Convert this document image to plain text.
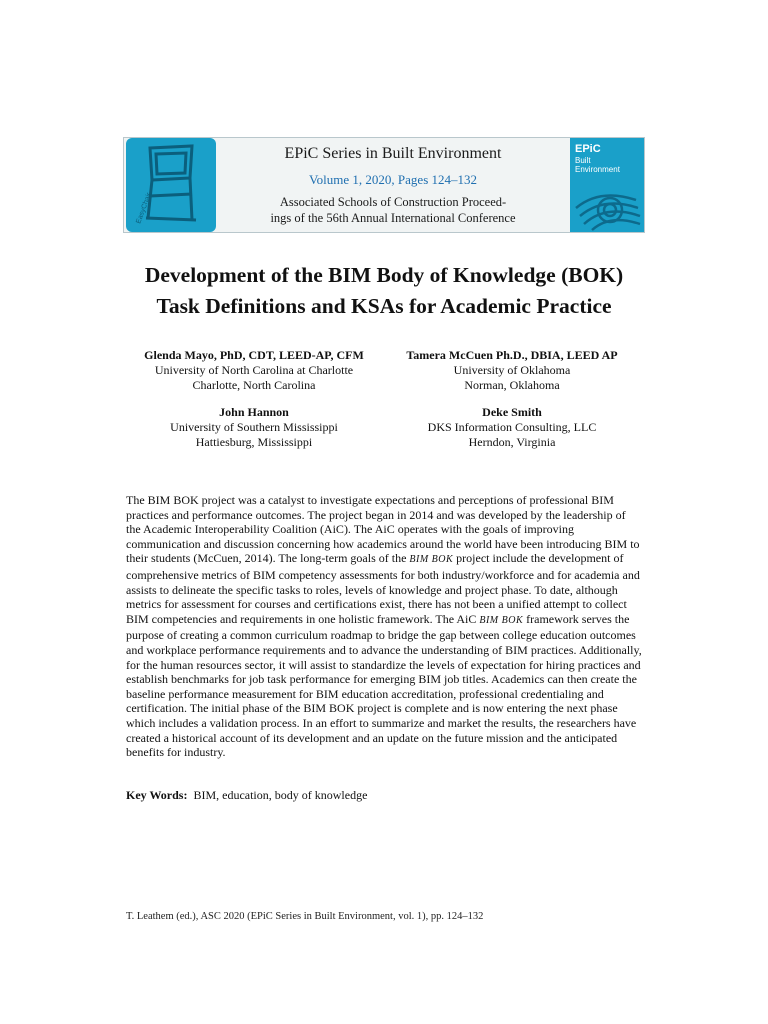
EasyChair
EPiC Series in Built Environment
Volume 1, 2020, Pages 124–132
Associated Schools of Construction Proceed-
ings of the 56th Annual International Conference
EPiC
Built
Environment
Development of the BIM Body of Knowledge (BOK)
Task Definitions and KSAs for Academic Practice
Glenda Mayo, PhD, CDT, LEED-AP, CFM
University of North Carolina at Charlotte
Charlotte, North Carolina
Tamera McCuen Ph.D., DBIA, LEED AP
University of Oklahoma
Norman, Oklahoma
John Hannon
University of Southern Mississippi
Hattiesburg, Mississippi
Deke Smith
DKS Information Consulting, LLC
Herndon, Virginia
The BIM BOK project was a catalyst to investigate expectations and perceptions of professional BIM practices and performance outcomes. The project began in 2014 and was developed by the leadership of the Academic Interoperability Coalition (AiC). The AiC operates with the goals of improving communication and discussion concerning how academics around the world have been introducing BIM to their students (McCuen, 2014). The long-term goals of the BIM BOK project include the development of comprehensive metrics of BIM competency assessments for both industry/workforce and for academia and assists to delineate the specific tasks to roles, levels of knowledge and project phase. To date, although metrics for assessment for courses and certifications exist, there has not been a unified attempt to collect BIM competencies and requirements in one holistic framework. The AiC BIM BOK framework serves the purpose of creating a common curriculum roadmap to bridge the gap between college education outcomes and workplace performance requirements and to advance the understanding of BIM practices. Additionally, for the human resources sector, it will assist to standardize the levels of expectation for hiring practices and establish benchmarks for job task performance for emerging BIM job titles. Academics can then create the baseline performance measurement for BIM education accreditation, professional credentialing and certification. The initial phase of the BIM BOK project is complete and is now entering the next phase which includes a validation process. In an effort to summarize and market the results, the researchers have created a historical account of its development and an update on the future mission and the anticipated benefits for industry.
Key Words: BIM, education, body of knowledge
T. Leathem (ed.), ASC 2020 (EPiC Series in Built Environment, vol. 1), pp. 124–132
